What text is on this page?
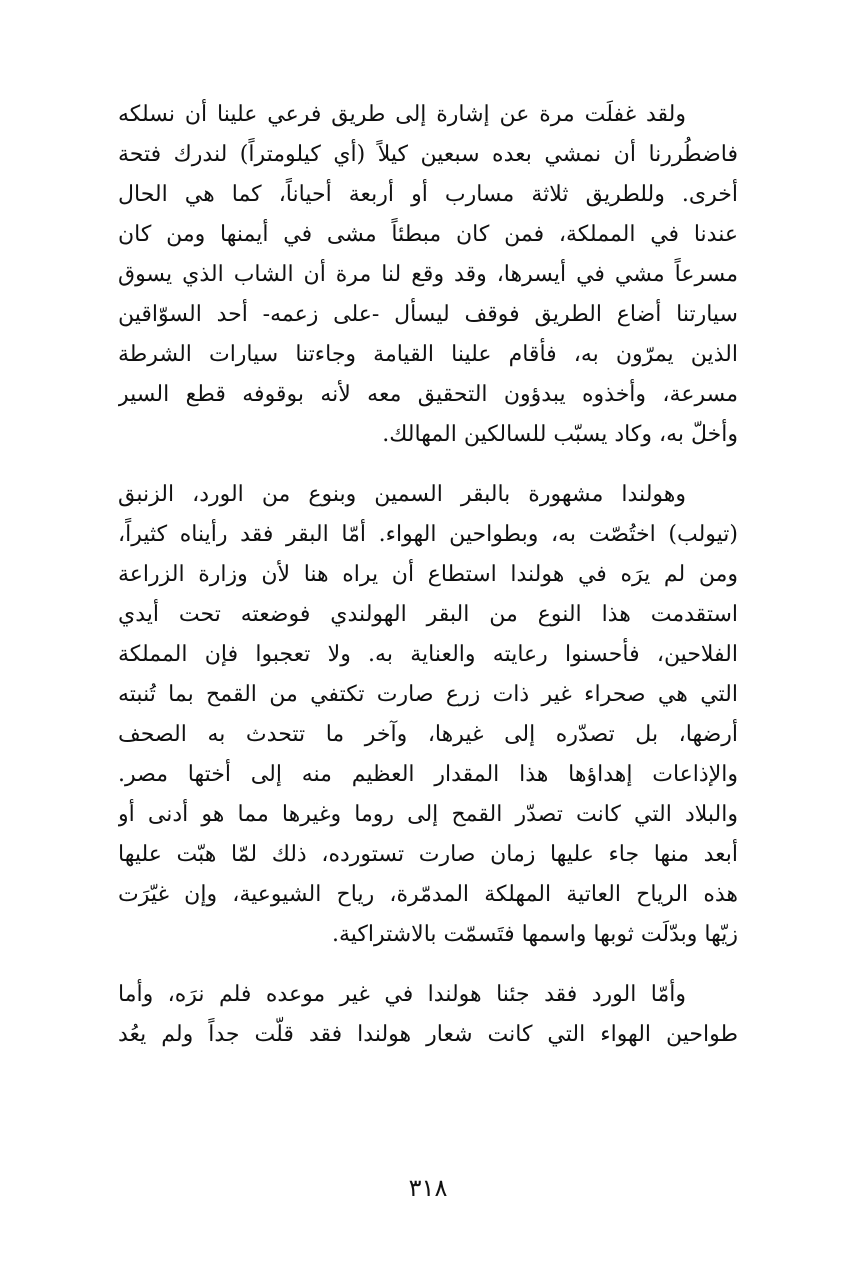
ولقد غفلَت مرة عن إشارة إلى طريق فرعي علينا أن نسلكه
فاضطُررنا أن نمشي بعده سبعين كيلاً (أي كيلومتراً) لندرك فتحة
أخرى. وللطريق ثلاثة مسارب أو أربعة أحياناً، كما هي الحال
عندنا في المملكة، فمن كان مبطئاً مشى في أيمنها ومن كان
مسرعاً مشي في أيسرها، وقد وقع لنا مرة أن الشاب الذي يسوق
سيارتنا أضاع الطريق فوقف ليسأل -على زعمه- أحد السوّاقين
الذين يمرّون به، فأقام علينا القيامة وجاءتنا سيارات الشرطة
مسرعة، وأخذوه يبدؤون التحقيق معه لأنه بوقوفه قطع السير
وأخلّ به، وكاد يسبّب للسالكين المهالك.

وهولندا مشهورة بالبقر السمين وبنوع من الورد، الزنبق
(تيولب) اختُصّت به، وبطواحين الهواء. أمّا البقر فقد رأيناه كثيراً،
ومن لم يرَه في هولندا استطاع أن يراه هنا لأن وزارة الزراعة
استقدمت هذا النوع من البقر الهولندي فوضعته تحت أيدي
الفلاحين، فأحسنوا رعايته والعناية به. ولا تعجبوا فإن المملكة
التي هي صحراء غير ذات زرع صارت تكتفي من القمح بما تُنبته
أرضها، بل تصدّره إلى غيرها، وآخر ما تتحدث به الصحف
والإذاعات إهداؤها هذا المقدار العظيم منه إلى أختها مصر.
والبلاد التي كانت تصدّر القمح إلى روما وغيرها مما هو أدنى أو
أبعد منها جاء عليها زمان صارت تستورده، ذلك لمّا هبّت عليها
هذه الرياح العاتية المهلكة المدمّرة، رياح الشيوعية، وإن غيّرَت
زيّها وبدّلَت ثوبها واسمها فتَسمّت بالاشتراكية.

وأمّا الورد فقد جئنا هولندا في غير موعده فلم نرَه، وأما
طواحين الهواء التي كانت شعار هولندا فقد قلّت جداً ولم يعُد

٣١٨
